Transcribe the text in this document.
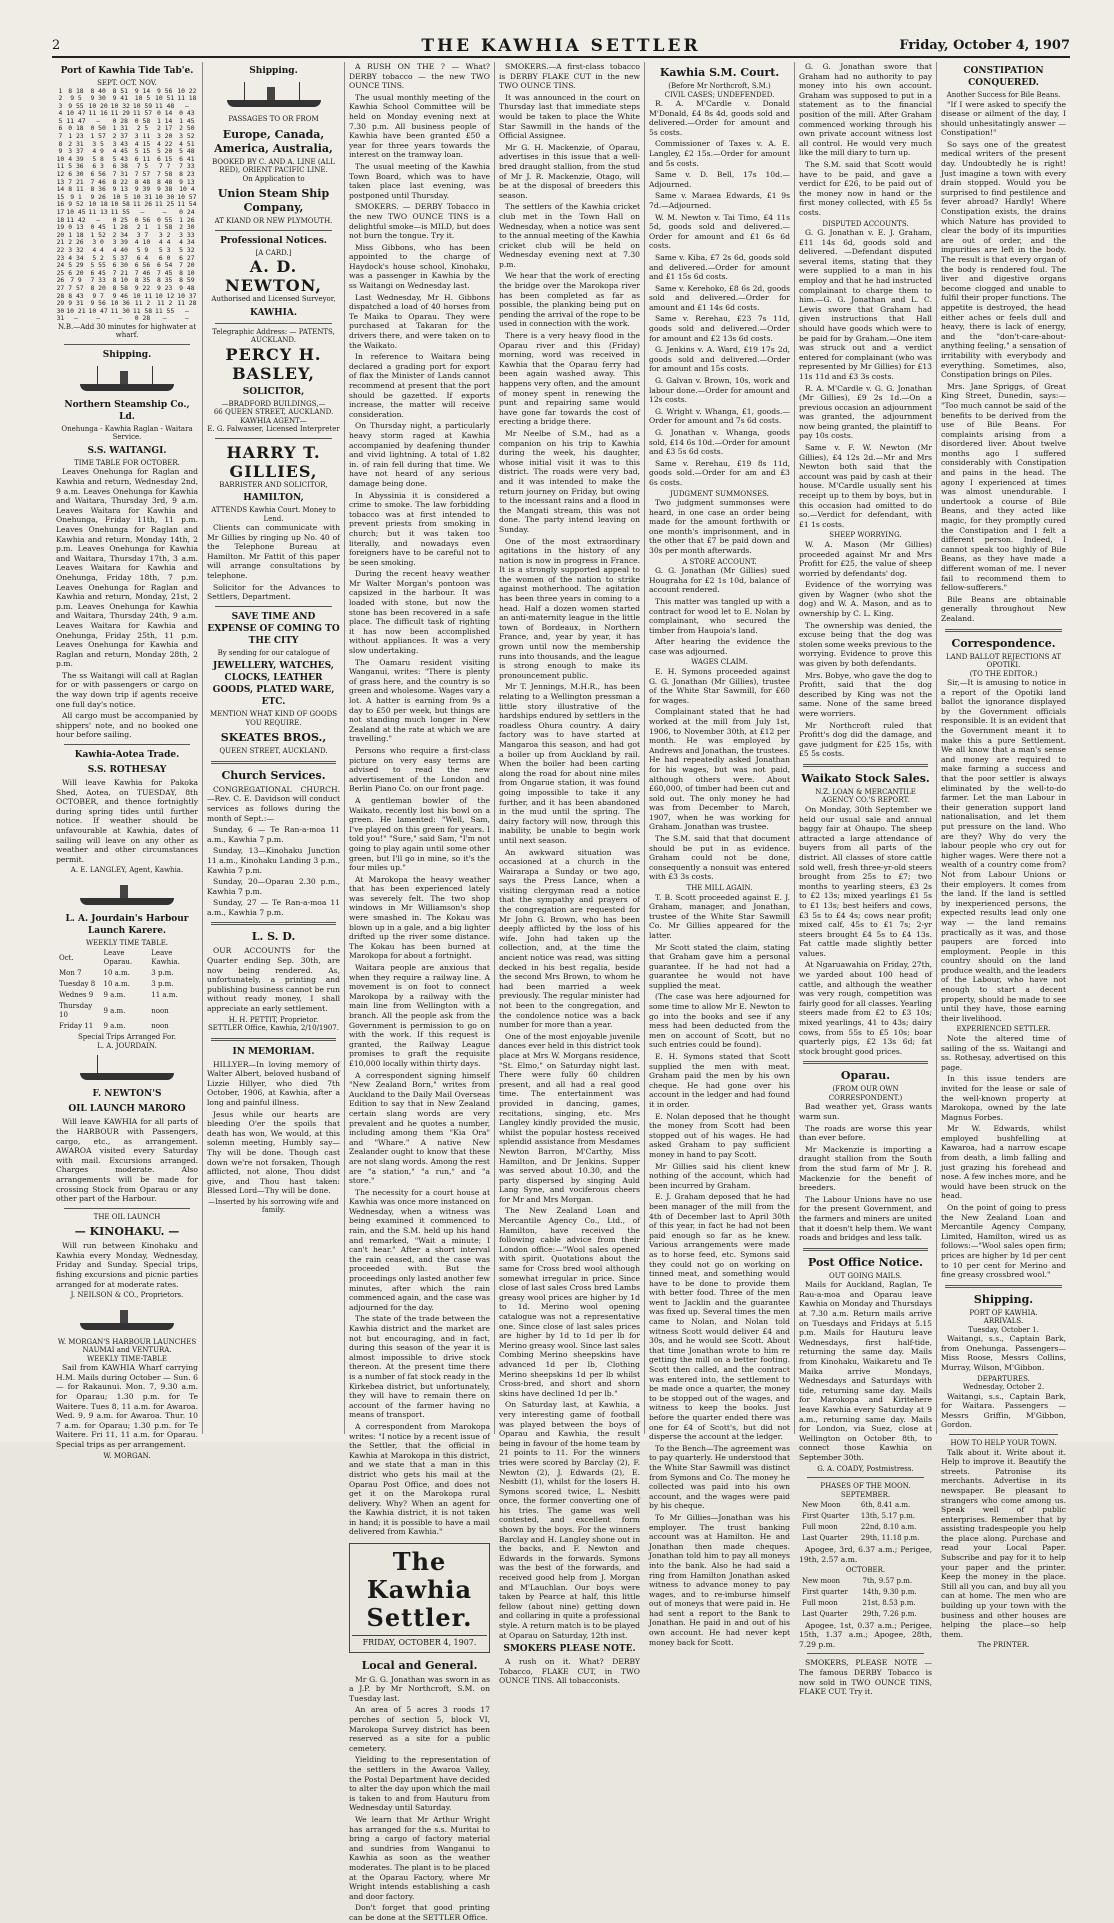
2	THE KAWHIA SETTLER	Friday, October 4, 1907
Port of Kawhia Tide Tab'e.
SEPT. OCT. NOV.
1	8 18	8 40	8 51	9 14	9 56	10 22
2	9 5	9 30	9 41	10 5	10 51	11 18
3	9 55	10 20	10 32	10 59	11 48	—
4	10 47	11 16	11 29	11 57	0 14	0 43
5	11 47	—	0 28	0 58	1 14	1 45
6	0 18	0 50	1 31	2 5	2 17	2 50
7	1 23	1 57	2 37	3 11	3 20	3 52
8	2 31	3 5	3 43	4 15	4 22	4 51
9	3 37	4 9	4 45	5 15	5 20	5 48
10	4 39	5 8	5 43	6 11	6 15	6 41
11	5 36	6 3	6 38	7 5	7 7	7 33
12	6 30	6 56	7 31	7 57	7 58	8 23
13	7 21	7 46	8 22	8 48	8 48	9 13
14	8 11	8 36	9 13	9 39	9 38	10 4
15	9 1	9 26	10 5	10 31	10 30	10 57
16	9 52	10 18	10 58	11 26	11 25	11 54
17	10 45	11 13	11 55	—	—	0 24
18	11 42	—	0 25	0 56	0 55	1 26
19	0 13	0 45	1 28	2 1	1 58	2 30
20	1 18	1 52	2 34	3 7	3 2	3 33
21	2 26	3 0	3 39	4 10	4 4	4 34
22	3 32	4 4	4 40	5 9	5 3	5 32
23	4 34	5 2	5 37	6 4	6 0	6 27
24	5 29	5 55	6 30	6 56	6 54	7 20
25	6 20	6 45	7 21	7 46	7 45	8 10
26	7 9	7 33	8 10	8 35	8 35	8 59
27	7 57	8 20	8 58	9 22	9 23	9 48
28	8 43	9 7	9 46	10 11	10 12	10 37
29	9 31	9 56	10 36	11 2	11 2	11 28
30	10 21	10 47	11 30	11 58	11 55	—
31	—	—	—	0 28	—	—
N.B.—Add 30 minutes for highwater at wharf.
Shipping.
Northern Steamship Co., Ld.
Onehunga - Kawhia Raglan - Waitara Service.
S.S. WAITANGI.
TIME TABLE FOR OCTOBER.

Leaves Onehunga for Raglan and Kawhia and return, Wednesday 2nd, 9 a.m. Leaves Onehunga for Kawhia and Waitara, Thursday 3rd, 9 a.m. Leaves Waitara for Kawhia and Onehunga, Friday 11th, 11 p.m. Leaves Onehunga for Raglan and Kawhia and return, Monday 14th, 2 p.m. Leaves Onehunga for Kawhia and Waitara, Thursday 17th, 3 a.m. Leaves Waitara for Kawhia and Onehunga, Friday 18th, 7 p.m. Leaves Onehunga for Raglan and Kawhia and return, Monday, 21st, 2 p.m. Leaves Onehunga for Kawhia and Waitara, Thursday 24th, 9 a.m. Leaves Waitara for Kawhia and Onehunga, Friday 25th, 11 p.m. Leaves Onehunga for Kawhia and Raglan and return, Monday 28th, 2 p.m.

The ss Waitangi will call at Raglan for or with passengers or cargo on the way down trip if agents receive one full day's notice.

All cargo must be accompanied by shippers' note, and no booked one hour before sailing.

Kawhia-Aotea Trade.
S.S. ROTHESAY

Will leave Kawhia for Pakoka Shed, Aotea, on TUESDAY, 8th OCTOBER, and thence fortnightly during spring tides until further notice. If weather should be unfavourable at Kawhia, dates of sailing will leave on any other as weather and other circumstances permit.

A. E. LANGLEY, Agent, Kawhia.
L. A. Jourdain's Harbour Launch Karere.
WEEKLY TIME TABLE.
Oct.	Leave Oparau.	Leave Kawhia.
Mon 7	10 a.m.	3 p.m.
Tuesday 8	10 a.m.	3 p.m.
Wednes 9	9 a.m.	11 a.m.
Thursday 10	9 a.m.	noon
Friday 11	9 a.m.	noon
Special Trips Arranged For.
L. A. JOURDAIN.
F. NEWTON'S
OIL LAUNCH MARORO

Will leave KAWHIA for all parts of the HARBOUR with Passengers, cargo, etc., as arrangement. AWAROA visited every Saturday with mail. Excursions arranged. Charges moderate. Also arrangements will be made for crossing Stock from Oparau or any other part of the Harbour.

THE OIL LAUNCH
— KINOHAKU. —

Will run between Kinohaku and Kawhia every Monday, Wednesday, Friday and Sunday. Special trips, fishing excursions and picnic parties arranged for at moderate rates.

J. NEILSON & CO., Proprietors.
W. MORGAN'S HARBOUR LAUNCHES NAUMAI and VENTURA.
WEEKLY TIME-TABLE

Sail from KAWHIA Wharf carrying H.M. Mails during October — Sun. 6 — for Rakaunui. Mon. 7, 9.30 a.m. for Oparau; 1.30 p.m. for Te Waitere. Tues 8, 11 a.m. for Awaroa. Wed. 9, 9 a.m. for Awaroa. Thur. 10 7 a.m. for Oparau; 1.30 p.m. for Te Waitere. Fri 11, 11 a.m. for Oparau. Special trips as per arrangement.

W. MORGAN.
Shipping.
PASSAGES TO OR FROM
Europe, Canada, America, Australia,
BOOKED BY C. AND A. LINE (ALL RED), ORIENT PACIFIC LINE.
On Application to
Union Steam Ship Company,
AT KIAND OR NEW PLYMOUTH.
Professional Notices.
[A CARD.]
A. D. NEWTON,
Authorised and Licensed Surveyor,
KAWHIA.
Telegraphic Address: — PATENTS, AUCKLAND.
PERCY H. BASLEY,
SOLICITOR,
—BRADFORD BUILDINGS,—
66 QUEEN STREET, AUCKLAND.
KAWHIA AGENT—
E. G. Falwasser, Licensed Interpreter
HARRY T. GILLIES,
BARRISTER AND SOLICITOR,
HAMILTON,
ATTENDS Kawhia Court. Money to Lend.

Clients can communicate with Mr Gillies by ringing up No. 40 of the Telephone Bureau at Hamilton. Mr Fattit of this paper will arrange consultations by telephone.

Solicitor for the Advances to Settlers, Department.

SAVE TIME AND EXPENSE OF COMING TO THE CITY
By sending for our catalogue of
JEWELLERY, WATCHES, CLOCKS, LEATHER GOODS, PLATED WARE, ETC.
MENTION WHAT KIND OF GOODS YOU REQUIRE.
SKEATES BROS.,
QUEEN STREET, AUCKLAND.
Church Services.

CONGREGATIONAL CHURCH.—Rev. C. E. Davidson will conduct services as follows during the month of Sept.:—

Sunday, 6 — Te Ran-a-moa 11 a.m., Kawhia 7 p.m.

Sunday, 13—Kinohaku Junction 11 a.m., Kinohaku Landing 3 p.m., Kawhia 7 p.m.

Sunday, 20—Oparau 2.30 p.m., Kawhia 7 p.m.

Sunday, 27 — Te Ran-a-moa 11 a.m., Kawhia 7 p.m.

L. S. D.

OUR ACCOUNTS for the Quarter ending Sep. 30th, are now being rendered. As, unfortunately, a printing and publishing business cannot be run without ready money, I shall appreciate an early settlement.

H. H. PETTIT, Proprietor.
SETTLER Office, Kawhia, 2/10/1907.
IN MEMORIAM.

HILLYER—In loving memory of Walter Albert, beloved husband of Lizzie Hillyer, who died 7th October, 1906, at Kawhia, after a long and painful illness.

Jesus while our hearts are bleeding O'er the spoils that death has won, We would, at this solemn meeting, Humbly say—Thy will be done. Though cast down we're not forsaken, Though afflicted, not alone, Thou didst give, and Thou hast taken: Blessed Lord—Thy will be done.

—Inserted by his sorrowing wife and family.

A RUSH ON THE ? — What? DERBY tobacco — the new TWO OUNCE TINS.

The usual monthly meeting of the Kawhia School Committee will be held on Monday evening next at 7.30 p.m. All business people of Kawhia have been granted £50 a year for three years towards the interest on the tramway loan.

The usual meeting of the Kawhia Town Board, which was to have taken place last evening, was postponed until Thursday.

SMOKERS. — DERBY Tobacco in the new TWO OUNCE TINS is a delightful smoke—is MILD, but does not burn the tongue. Try it.

Miss Gibbons, who has been appointed to the charge of Haydock's house school, Kinohaku, was a passenger in Kawhia by the ss Waitangi on Wednesday last.

Last Wednesday, Mr H. Gibbons dispatched a load of 40 horses from Te Maika to Oparau. They were purchased at Takaran for the drivers there, and were taken on to the Waikato.

In reference to Waitara being declared a grading port for export of flax the Minister of Lands cannot recommend at present that the port should be gazetted. If exports increase, the matter will receive consideration.

On Thursday night, a particularly heavy storm raged at Kawhia accompanied by deafening thunder and vivid lightning. A total of 1.82 in. of rain fell during that time. We have not heard of any serious damage being done.

In Abyssinia it is considered a crime to smoke. The law forbidding tobacco was at first intended to prevent priests from smoking in church; but it was taken too literally, and nowadays even foreigners have to be careful not to be seen smoking.

During the recent heavy weather Mr Walter Morgan's pontoon was capsized in the harbour. It was loaded with stone, but now the stone has been recovered in a safe place. The difficult task of righting it has now been accomplished without appliances. It was a very slow undertaking.

The Oamaru resident visiting Wanganui, writes: "There is plenty of grass here, and the country is so green and wholesome. Wages vary a lot. A hatter is earning from 9s a day to £50 per week, but things are not standing much longer in New Zealand at the rate at which we are travelling."

Persons who require a first-class picture on very easy terms are advised to read the new advertisement of the London and Berlin Piano Co. on our front page.

A gentleman bowler of the Waikato, recently lost his bowl on a green. He lamented: "Well, Sam, I've played on this green for years. I told you!" "Sure," said Sam, "I'm not going to play again until some other green, but I'll go in mine, so it's the four miles up."

At Marokopa the heavy weather that has been experienced lately was severely felt. The two shop windows in Mr Williamson's shop were smashed in. The Kokau was blown up in a gale, and a big lighter drifted up the river some distance. The Kokau has been burned at Marokopa for about a fortnight.

Waitara people are anxious that when they require a railway line. A movement is on foot to connect Marokopa by a railway with the main line from Wellington with a branch. All the people ask from the Government is permission to go on with the work. If this request is granted, the Railway League promises to graft the requisite £10,000 locally within thirty days.

A correspondent signing himself "New Zealand Born," writes from Auckland to the Daily Mail Overseas Edition to say that in New Zealand certain slang words are very prevalent and he quotes a number, including among them "Kia Ora" and "Whare." A native New Zealander ought to know that these are not slang words. Among the rest are "a station," "a run," and "a store."

The necessity for a court house at Kawhia was once more instanced on Wednesday, when a witness was being examined it commenced to rain, and the S.M. held up his hand and remarked, "Wait a minute; I can't hear." After a short interval the rain ceased, and the case was proceeded with. But the proceedings only lasted another few minutes, after which the rain commenced again, and the case was adjourned for the day.

The state of the trade between the Kawhia district and the market are not but encouraging, and in fact, during this season of the year it is almost impossible to drive stock thereon. At the present time there is a number of fat stock ready in the Kirkebea district, but unfortunately, they will have to remain there on account of the farmer having no means of transport.

A correspondent from Marokopa writes: "I notice by a recent issue of the Settler, that the official in Kawhia at Marokopa in this district, and we state that a man in this district who gets his mail at the Oparau Post Office, and does not get it on the Marokopa rural delivery. Why? When an agent for the Kawhia district, it is not taken in hand; it is possible to have a mail delivered from Kawhia."

The Kawhia Settler.
FRIDAY, OCTOBER 4, 1907.
Local and General.

Mr G. G. Jonathan was sworn in as a J.P. by Mr Northcroft, S.M. on Tuesday last.

An area of 5 acres 3 roods 17 perches of section 5, block VI, Marokopa Survey district has been reserved as a site for a public cemetery.

Yielding to the representation of the settlers in the Awaroa Valley, the Postal Department have decided to alter the day upon which the mail is taken to and from Hauturu from Wednesday until Saturday.

We learn that Mr Arthur Wright has arranged for the s.s. Muritai to bring a cargo of factory material and sundries from Wanganui to Kawhia as soon as the weather moderates. The plant is to be placed at the Oparau Factory, where Mr Wright intends establishing a cash and door factory.

Don't forget that good printing can be done at the SETTLER Office.

SMOKERS.—A first-class tobacco is DERBY FLAKE CUT in the new TWO OUNCE TINS.

It was announced in the court on Thursday last that immediate steps would be taken to place the White Star Sawmill in the hands of the Official Assignee.

Mr G. H. Mackenzie, of Oparau, advertises in this issue that a well-bred draught stallion, from the stud of Mr J. R. Mackenzie, Otago, will be at the disposal of breeders this season.

The settlers of the Kawhia cricket club met in the Town Hall on Wednesday, when a notice was sent to the annual meeting of the Kawhia cricket club will be held on Wednesday evening next at 7.30 p.m.

We hear that the work of erecting the bridge over the Marokopa river has been completed as far as possible, the planking being put on pending the arrival of the rope to be used in connection with the work.

There is a very heavy flood in the Oparau river and this (Friday) morning, word was received in Kawhia that the Oparau ferry had been again washed away. This happens very often, and the amount of money spent in renewing the punt and repairing same would have gone far towards the cost of erecting a bridge there.

Mr Neelbe of S.M., had as a companion on his trip to Kawhia during the week, his daughter, whose initial visit it was to this district. The roads were very bad, and it was intended to make the return journey on Friday, but owing to the incessant rains and a flood in the Mangati stream, this was not done. The party intend leaving on Sunday.

One of the most extraordinary agitations in the history of any nation is now in progress in France. It is a strongly supported appeal to the women of the nation to strike against motherhood. The agitation has been three years in coming to a head. Half a dozen women started an anti-maternity league in the little town of Bordeaux, in Northern France, and, year by year, it has grown until now the membership runs into thousands, and the league is strong enough to make its pronouncement public.

Mr T. Jennings, M.H.R., has been relating to a Wellington pressman a little story illustrative of the hardships endured by settlers in the roadless Ohura country. A dairy factory was to have started at Mangaroa this season, and had got a boiler up from Auckland by rail. When the boiler had been carting along the road for about nine miles from Ongarue station, it was found going impossible to take it any further, and it has been abandoned in the mud until the spring. The dairy factory will now, through this inability, be unable to begin work until next season.

An awkward situation was occasioned at a church in the Wairarapa a Sunday or two ago, says the Press Lance, when a visiting clergyman read a notice that the sympathy and prayers of the congregation are requested for Mr John G. Brown, who has been deeply afflicted by the loss of his wife. John had taken up the collection, and, at the time the ancient notice was read, was sitting decked in his best regalia, beside the second Mrs Brown, to whom he had been married a week previously. The regular minister had not been to the congregation, and the condolence notice was a back number for more than a year.

One of the most enjoyable juvenile dances ever held in this district took place at Mrs W. Morgans residence, "St. Elmo," on Saturday night last. There were fully 60 children present, and all had a real good time. The entertainment was provided in dancing, games, recitations, singing, etc. Mrs Langley kindly provided the music, whilst the popular hostess received splendid assistance from Mesdames Newton Barron, M'Carthy, Miss Hamilton, and Dr Jenkins. Supper was served about 10.30, and the party dispersed by singing Auld Lang Syne, and vociferous cheers for Mr and Mrs Morgan.

The New Zealand Loan and Mercantile Agency Co., Ltd., of Hamilton, have received the following cable advice from their London office:—"Wool sales opened with spirit. Quotations about the same for Cross bred wool although somewhat irregular in price. Since close of last sales Cross bred Lambs greasy wool prices are higher by 1d to 1d. Merino wool opening catalogue was not a representative one. Since close of last sales prices are higher by 1d to 1d per lb for Merino greasy wool. Since last sales Combing Merino sheepskins have advanced 1d per lb, Clothing Merino sheepskins 1d per lb whilst Cross-bred, and short and shorn skins have declined 1d per lb."

On Saturday last, at Kawhia, a very interesting game of football was played between the boys of Oparau and Kawhia, the result being in favour of the home team by 21 points to 11. For the winners tries were scored by Barclay (2), F. Newton (2), J. Edwards (2), E. Nesbitt (1), whilst for the losers H. Symons scored twice, L. Nesbitt once, the former converting one of his tries. The game was well contested, and excellent form shown by the boys. For the winners Barclay and H. Langley shone out in the backs, and F. Newton and Edwards in the forwards. Symons was the best of the forwards, and received good help from J. Morgan and M'Lauchlan. Our boys were taken by Pearce at half, this little fellow (about nine) getting down and collaring in quite a professional style. A return match is to be played at Oparau on Saturday, 12th inst.

SMOKERS PLEASE NOTE.

A rush on it. What? DERBY Tobacco, FLAKE CUT, in TWO OUNCE TINS. All tobacconists.

Kawhia S.M. Court.
(Before Mr Northcroft, S.M.)
CIVIL CASES; UNDEFENDED.

R. A. M'Cardle v. Donald M'Donald, £4 8s 4d, goods sold and delivered.—Order for amount and 5s costs.

Commissioner of Taxes v. A. E. Langley, £2 15s.—Order for amount and 5s costs.

Same v. D. Bell, 17s 10d.—Adjourned.

Same v. Maraea Edwards, £1 9s 7d.—Adjourned.

W. M. Newton v. Tai Timo, £4 11s 5d, goods sold and delivered.—Order for amount and £1 6s 6d costs.

Same v. Kiba, £7 2s 6d, goods sold and delivered.—Order for amount and £1 15s 6d costs.

Same v. Kerehoko, £8 6s 2d, goods sold and delivered.—Order for amount and £1 14s 6d costs.

Same v. Rerehau, £23 7s 11d, goods sold and delivered.—Order for amount and £2 13s 6d costs.

G. Jenkins v. A. Ward, £19 17s 2d, goods sold and delivered.—Order for amount and 15s costs.

G. Galvan v. Brown, 10s, work and labour done.—Order for amount and 12s costs.

G. Wright v. Whanga, £1, goods.—Order for amount and 7s 6d costs.

G. Jonathan v. Whanga, goods sold, £14 6s 10d.—Order for amount and £3 5s 6d costs.

Same v. Rerehau, £19 8s 11d, goods sold.—Order for am and £3 6s costs.

JUDGMENT SUMMONSES.

Two judgment summonses were heard, in one case an order being made for the amount forthwith or one month's imprisonment, and in the other that £7 be paid down and 30s per month afterwards.

A STORE ACCOUNT.

G. G. Jonathan (Mr Gillies) sued Hougraha for £2 1s 10d, balance of account rendered.

This matter was tangled up with a contract for wood let to E. Nolan by complainant, who secured the timber from Haupoia's land.

After hearing the evidence the case was adjourned.

WAGES CLAIM.

E. H. Symons proceeded against G. G. Jonathan (Mr Gillies), trustee of the White Star Sawmill, for £60 for wages.

Complainant stated that he had worked at the mill from July 1st, 1906, to November 30th, at £12 per month. He was employed by Andrews and Jonathan, the trustees. He had repeatedly asked Jonathan for his wages, but was not paid, although others were. About £60,000, of timber had been cut and sold out. The only money he had was from December to March, 1907, when he was working for Graham. Jonathan was trustee.

The S.M. said that that document should be put in as evidence. Graham could not be done, consequently a nonsuit was entered with £3 3s costs.

THE MILL AGAIN.

T. B. Scott proceeded against E. J. Graham, manager, and Jonathan, trustee of the White Star Sawmill Co. Mr Gillies appeared for the latter.

Mr Scott stated the claim, stating that Graham gave him a personal guarantee. If he had not had a guarantee he would not have supplied the meat.

(The case was here adjourned for some time to allow Mr E. Newton to go into the books and see if any mess had been deducted from the men on account of Scott, but no such entries could be found).

E. H. Symons stated that Scott supplied the men with meat. Graham paid the men by his own cheque. He had gone over his account in the ledger and had found it in order.

E. Nolan deposed that he thought the money from Scott had been stopped out of his wages. He had asked Graham to pay sufficient money in hand to pay Scott.

Mr Gillies said his client knew nothing of the account, which had been incurred by Graham.

E. J. Graham deposed that he had been manager of the mill from the 4th of December last to April 30th of this year, in fact he had not been paid enough so far as he knew. Various arrangements were made as to horse feed, etc. Symons said they could not go on working on tinned meat, and something would have to be done to provide them with better food. Three of the men went to Jacklin and the guarantee was fixed up. Several times the men came to Nolan, and Nolan told witness Scott would deliver £4 and 30s, and he would see Scott. About that time Jonathan wrote to him re getting the mill on a better footing. Scott then called, and the contract was entered into, the settlement to be made once a quarter, the money to be stopped out of the wages, and witness to keep the books. Just before the quarter ended there was one for £4 of Scott's, but did not disperse the account at the ledger.

To the Bench—The agreement was to pay quarterly. He understood that the White Star Sawmill was distinct from Symons and Co. The money he collected was paid into his own account, and the wages were paid by his cheque.

To Mr Gillies—Jonathan was his employer. The trust banking account was at Hamilton. He and Jonathan then made cheques. Jonathan told him to pay all moneys into the bank. Also he had said a ring from Hamilton Jonathan asked witness to advance money to pay wages, and to re-imburse himself out of moneys that were paid in. He had sent a report to the Bank to Jonathan. He paid in and out of his own account. He had never kept money back for Scott.

G. G. Jonathan swore that Graham had no authority to pay money into his own account. Graham was supposed to put in a statement as to the financial position of the mill. After Graham commenced working through his own private account witness lost all control. He would very much like the mill diary to turn up.

The S.M. said that Scott would have to be paid, and gave a verdict for £26, to be paid out of the money now in hand or the first money collected, with £5 5s costs.

DISPUTED ACCOUNTS.

G. G. Jonathan v. E. J. Graham, £11 14s 6d, goods sold and delivered. —Defendant disputed several items, stating that they were supplied to a man in his employ and that he had instructed complainant to charge them to him.—G. G. Jonathan and L. C. Lewis swore that Graham had given instructions that Hall should have goods which were to be paid for by Graham.—One item was struck out and a verdict entered for complainant (who was represented by Mr Gillies) for £13 11s 11d and £3 3s costs.

R. A. M'Cardle v. G. G. Jonathan (Mr Gillies), £9 2s 1d.—On a previous occasion an adjournment was granted, the adjournment now being granted, the plaintiff to pay 10s costs.

Same v. F. W. Newton (Mr Gillies), £4 12s 2d.—Mr and Mrs Newton both said that the account was paid by cash at their house. M'Cardle usually sent his receipt up to them by boys, but in this occasion had omitted to do so.—Verdict for defendant, with £1 1s costs.

SHEEP WORRYING.

W. A. Mason (Mr Gillies) proceeded against Mr and Mrs Profitt for £25, the value of sheep worried by defendants' dog.

Evidence of the worrying was given by Wagner (who shot the dog) and W. A. Mason, and as to ownership by C. L. King.

The ownership was denied, the excuse being that the dog was stolen some weeks previous to the worrying. Evidence to prove this was given by both defendants.

Mrs. Bobye, who gave the dog to Profitt, said that the dog described by King was not the same. None of the same breed were worriers.

Mr Northcroft ruled that Profitt's dog did the damage, and gave judgment for £25 15s, with £5 5s costs.

Waikato Stock Sales.
N.Z. LOAN & MERCANTILE AGENCY CO.'S REPORT.

On Monday, 30th September we held our usual sale and annual baggy fair at Ohaupo. The sheep attracted a large attendance of buyers from all parts of the district. All classes of store cattle sold well, fresh three-yr-old steers brought from 25s to £7; two months to yearling steers, £3 2s to £2 13s; mixed yearlings £1 5s to £1 13s; best heifers and cows, £3 5s to £4 4s; cows near profit; mixed calf, 45s to £1 7s; 2-yr steers brought £4 5s to £4 13s. Fat cattle made slightly better values.

At Ngaruawahia on Friday, 27th, we yarded about 100 head of cattle, and although the weather was very rough, competition was fairly good for all classes. Yearling steers made from £2 to £3 10s; mixed yearlings, 41 to 43s; dairy cows, from 55s to £5 10s; boar quarterly pigs, £2 13s 6d; fat stock brought good prices.

Oparau.
(FROM OUR OWN CORRESPONDENT.)

Bad weather yet, Grass wants warm sun.

The roads are worse this year than ever before.

Mr Mackenzie is importing a draught stallion from the South from the stud farm of Mr J. R. Mackenzie for the benefit of breeders.

The Labour Unions have no use for the present Government, and the farmers and miners are united that it doesn't help them. We want roads and bridges and less talk.

Post Office Notice.
OUT GOING MAILS.

Mails for Auckland, Raglan, Te Rau-a-moa and Oparau leave Kawhia on Monday and Thursdays at 7.30 a.m. Return mails arrive on Tuesdays and Fridays at 5.15 p.m. Mails for Hauturu leave Wednesdays, first half-tide, returning the same day. Mails from Kinohaku, Waikaretu and Te Maika arrive Mondays, Wednesdays and Saturdays with tide, returning same day. Mails for Marokopa and Kiritehere leave Kawhia every Saturday at 9 a.m., returning same day. Mails for London, via Suez, close at Wellington on October 8th, to connect those Kawhia on September 30th.

G. A. COADY, Postmistress.
PHASES OF THE MOON.
SEPTEMBER.
New Moon	6th, 8.41 a.m.
First Quarter	13th, 5.17 p.m.
Full moon	22nd, 8.10 a.m.
Last Quarter	29th, 11.18 p.m.

Apogee, 3rd, 6.37 a.m.; Perigee, 19th, 2.57 a.m.

OCTOBER.
New moon	7th, 9.57 p.m.
First quarter	14th, 9.30 p.m.
Full moon	21st, 8.53 p.m.
Last Quarter	29th, 7.26 p.m.

Apogee, 1st, 0.37 a.m.; Perigee, 15th, 1.37 a.m.; Apogee, 28th, 7.29 p.m.

SMOKERS, PLEASE NOTE — The famous DERBY Tobacco is now sold in TWO OUNCE TINS, FLAKE CUT. Try it.

CONSTIPATION CONQUERED.
Another Success for Bile Beans.

"If I were asked to specify the disease or ailment of the day, I should unhesitatingly answer — Constipation!"

So says one of the greatest medical writers of the present day. Undoubtedly he is right! Just imagine a town with every drain stopped. Would you be surprised to find pestilence and fever abroad? Hardly! Where Constipation exists, the drains which Nature has provided to clear the body of its impurities are out of order, and the impurities are left in the body. The result is that every organ of the body is rendered foul. The liver and digestive organs become clogged and unable to fulfil their proper functions. The appetite is destroyed, the head either aches or feels dull and heavy, there is lack of energy, and the "don't-care-about-anything feeling," a sensation of irritability with everybody and everything. Sometimes, also, Constipation brings on Piles.

Mrs. Jane Spriggs, of Great King Street, Dunedin, says:— "Too much cannot be said of the benefits to be derived from the use of Bile Beans. For complaints arising from a disordered liver. About twelve months ago I suffered considerably with Constipation and pains in the head. The agony I experienced at times was almost unendurable. I undertook a course of Bile Beans, and they acted like magic, for they promptly cured the Constipation and I felt a different person. Indeed, I cannot speak too highly of Bile Beans, as they have made a different woman of me. I never fail to recommend them to fellow-sufferers."

Bile Beans are obtainable generally throughout New Zealand.

Correspondence.
LAND BALLOT REJECTIONS AT OPOTIKI.
(TO THE EDITOR.)

Sir,—It is amusing to notice in a report of the Opotiki land ballot the ignorance displayed by the Government officials responsible. It is an evident that the Government meant it to make this a pure Settlement. We all know that a man's sense and money are required to make farming a success and that the poor settler is always eliminated by the well-to-do farmer. Let the man Labour in their generation support land nationalisation, and let them put pressure on the land. Who are they? Why do very the labour people who cry out for higher wages. Were there not a wealth of a country come from? Not from Labour Unions or their employers. It comes from the land. If the land is settled by inexperienced persons, the expected results lead only one way — the land remains practically as it was, and those paupers are forced into employment. People in this country should on the land produce wealth, and the leaders of the Labour, who have not enough to start a decent property, should be made to see until they have, those earning their livelihood.

EXPERIENCED SETTLER.

Note the altered time of sailing of the ss. Waitangi and ss. Rothesay, advertised on this page.

In this issue tenders are invited for the lease or sale of the well-known property at Marokopa, owned by the late Magnus Forbes.

Mr W. Edwards, whilst employed bushfelling at Kawaroa, had a narrow escape from death, a limb falling and just grazing his forehead and nose. A few inches more, and he would have been struck on the head.

On the point of going to press the New Zealand Loan and Mercantile Agency Company, Limited, Hamilton, wired us as follows:—"Wool sales open firm; prices are higher by 1d per cent to 10 per cent for Merino and fine greasy crossbred wool."

Shipping.
PORT OF KAWHIA.
ARRIVALS.
Tuesday, October 1.

Waitangi, s.s., Captain Bark, from Onehunga. Passengers—Miss Roose, Messrs Collins, Murray, Wilson, M'Gibbon.

DEPARTURES.
Wednesday, October 2.

Waitangi, s.s., Captain Bark, for Waitara. Passengers — Messrs Griffin, M'Gibbon, Gordon.

HOW TO HELP YOUR TOWN.

Talk about it. Write about it. Help to improve it. Beautify the streets. Patronise its merchants. Advertise in its newspaper. Be pleasant to strangers who come among us. Speak well of public enterprises. Remember that by assisting tradespeople you help the place along. Purchase and read your Local Paper. Subscribe and pay for it to help your paper and the printer. Keep the money in the place. Still all you can, and buy all you can at home. The men who are building up your town with the business and other houses are helping the place—so help them.

The PRINTER.
